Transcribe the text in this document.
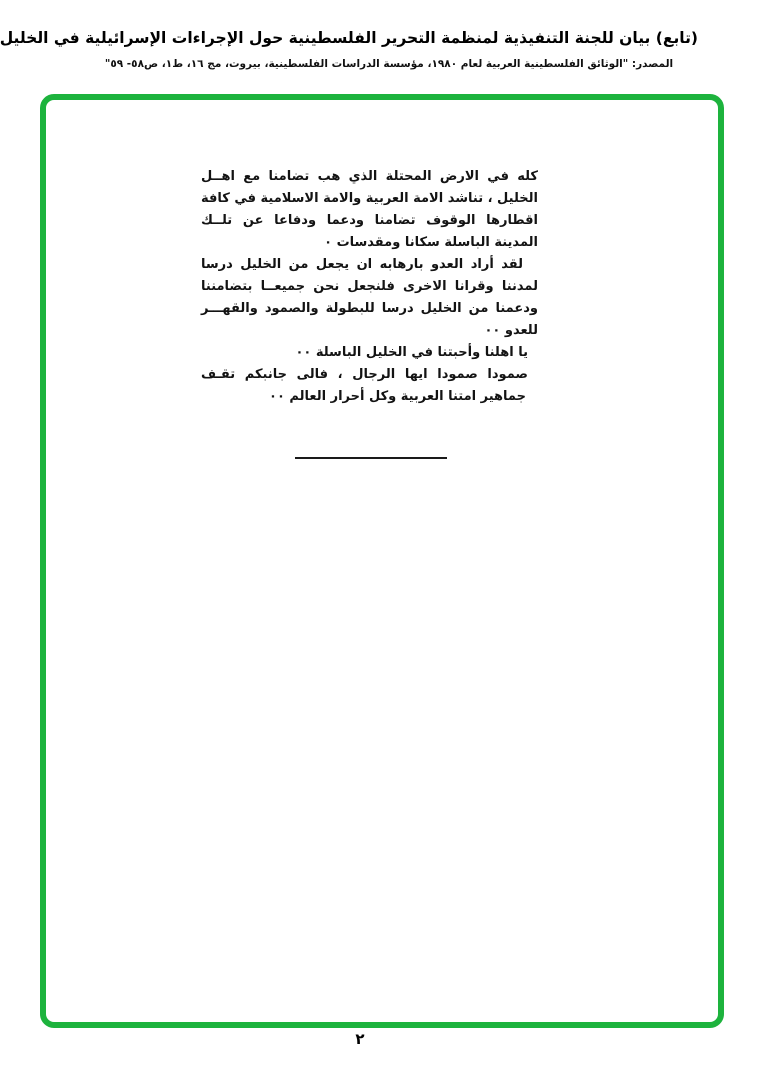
(تابع) بيان للجنة التنفيذية لمنظمة التحرير الفلسطينية حول الإجراءات الإسرائيلية في الخليل
المصدر: "الوثائق الفلسطينية العربية لعام ١٩٨٠، مؤسسة الدراسات الفلسطينية، بيروت، مج ١٦، ط١، ص٥٨- ٥٩"
كله في الارض المحتلة الذي هب تضامنا مع اهــل
الخليل ، تناشد الامة العربية والامة الاسلامية في كافة
اقطارها الوقوف تضامنا ودعما ودفاعا عن تلــك
المدينة الباسلة سكانا ومقدسات ٠
لقد أراد العدو بارهابه ان يجعل من الخليل درسا
لمدننا وقرانا الاخرى فلنجعل نحن جميعــا بتضامننا
ودعمنا من الخليل درسا للبطولة والصمود والقهـــر
للعدو ٠٠
يا اهلنا وأحبتنا في الخليل الباسلة ٠٠
صمودا صمودا ايها الرجال ، فالى جانبكم تقـف
جماهير امتنا العربية وكل أحرار العالم ٠٠
٢
